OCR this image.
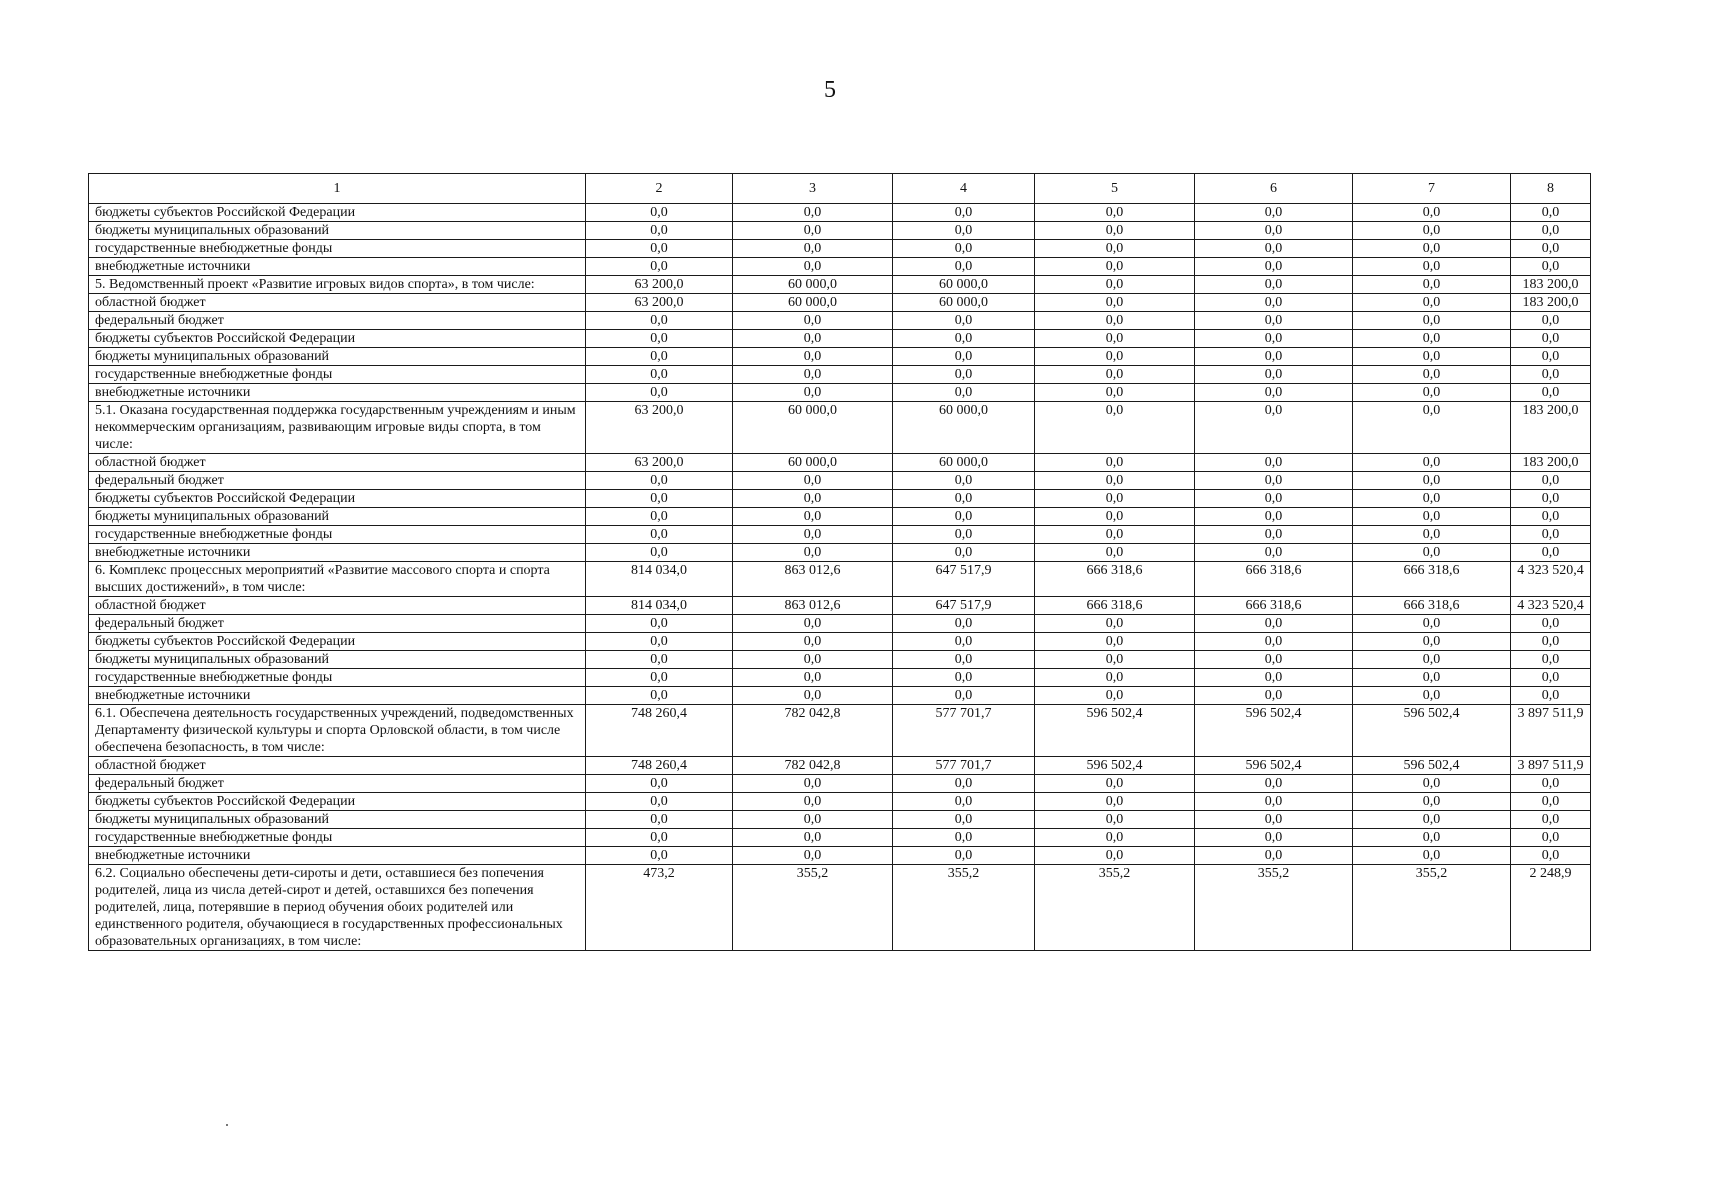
5
1	2	3	4	5	6	7	8
бюджеты субъектов Российской Федерации	0,0	0,0	0,0	0,0	0,0	0,0	0,0
бюджеты муниципальных образований	0,0	0,0	0,0	0,0	0,0	0,0	0,0
государственные внебюджетные фонды	0,0	0,0	0,0	0,0	0,0	0,0	0,0
внебюджетные источники	0,0	0,0	0,0	0,0	0,0	0,0	0,0
5. Ведомственный проект «Развитие игровых видов спорта», в том числе:	63 200,0	60 000,0	60 000,0	0,0	0,0	0,0	183 200,0
областной бюджет	63 200,0	60 000,0	60 000,0	0,0	0,0	0,0	183 200,0
федеральный бюджет	0,0	0,0	0,0	0,0	0,0	0,0	0,0
бюджеты субъектов Российской Федерации	0,0	0,0	0,0	0,0	0,0	0,0	0,0
бюджеты муниципальных образований	0,0	0,0	0,0	0,0	0,0	0,0	0,0
государственные внебюджетные фонды	0,0	0,0	0,0	0,0	0,0	0,0	0,0
внебюджетные источники	0,0	0,0	0,0	0,0	0,0	0,0	0,0
5.1. Оказана государственная поддержка государственным учреждениям и иным некоммерческим организациям, развивающим игровые виды спорта, в том числе:	63 200,0	60 000,0	60 000,0	0,0	0,0	0,0	183 200,0
областной бюджет	63 200,0	60 000,0	60 000,0	0,0	0,0	0,0	183 200,0
федеральный бюджет	0,0	0,0	0,0	0,0	0,0	0,0	0,0
бюджеты субъектов Российской Федерации	0,0	0,0	0,0	0,0	0,0	0,0	0,0
бюджеты муниципальных образований	0,0	0,0	0,0	0,0	0,0	0,0	0,0
государственные внебюджетные фонды	0,0	0,0	0,0	0,0	0,0	0,0	0,0
внебюджетные источники	0,0	0,0	0,0	0,0	0,0	0,0	0,0
6. Комплекс процессных мероприятий «Развитие массового спорта и спорта высших достижений», в том числе:	814 034,0	863 012,6	647 517,9	666 318,6	666 318,6	666 318,6	4 323 520,4
областной бюджет	814 034,0	863 012,6	647 517,9	666 318,6	666 318,6	666 318,6	4 323 520,4
федеральный бюджет	0,0	0,0	0,0	0,0	0,0	0,0	0,0
бюджеты субъектов Российской Федерации	0,0	0,0	0,0	0,0	0,0	0,0	0,0
бюджеты муниципальных образований	0,0	0,0	0,0	0,0	0,0	0,0	0,0
государственные внебюджетные фонды	0,0	0,0	0,0	0,0	0,0	0,0	0,0
внебюджетные источники	0,0	0,0	0,0	0,0	0,0	0,0	0,0
6.1. Обеспечена деятельность государственных учреждений, подведомственных Департаменту физической культуры и спорта Орловской области, в том числе обеспечена безопасность, в том числе:	748 260,4	782 042,8	577 701,7	596 502,4	596 502,4	596 502,4	3 897 511,9
областной бюджет	748 260,4	782 042,8	577 701,7	596 502,4	596 502,4	596 502,4	3 897 511,9
федеральный бюджет	0,0	0,0	0,0	0,0	0,0	0,0	0,0
бюджеты субъектов Российской Федерации	0,0	0,0	0,0	0,0	0,0	0,0	0,0
бюджеты муниципальных образований	0,0	0,0	0,0	0,0	0,0	0,0	0,0
государственные внебюджетные фонды	0,0	0,0	0,0	0,0	0,0	0,0	0,0
внебюджетные источники	0,0	0,0	0,0	0,0	0,0	0,0	0,0
6.2. Социально обеспечены дети-сироты и дети, оставшиеся без попечения родителей, лица из числа детей-сирот и детей, оставшихся без попечения родителей, лица, потерявшие в период обучения обоих родителей или единственного родителя, обучающиеся в государственных профессиональных образовательных организациях, в том числе:	473,2	355,2	355,2	355,2	355,2	355,2	2 248,9
